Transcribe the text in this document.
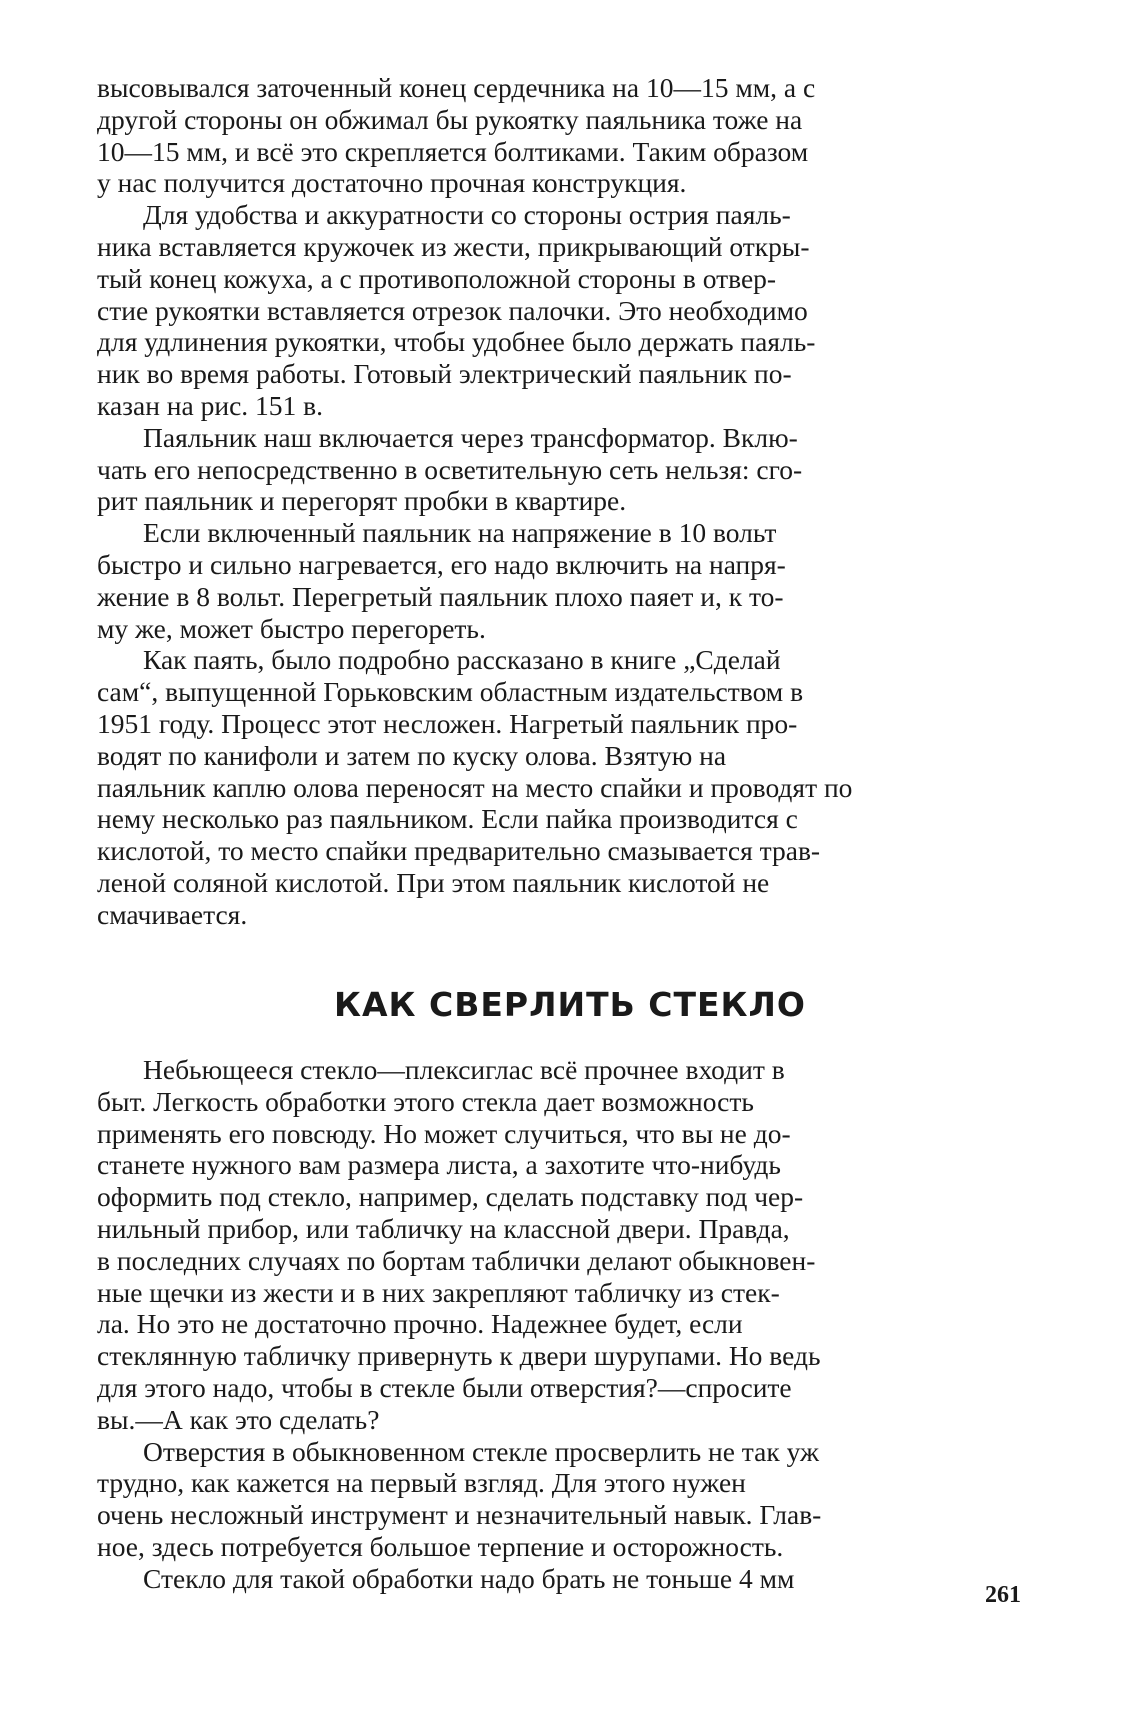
высовывался заточенный конец сердечника на 10—15 мм, а с
другой стороны он обжимал бы рукоятку паяльника тоже на
10—15 мм, и всё это скрепляется болтиками. Таким образом
у нас получится достаточно прочная конструкция.
Для удобства и аккуратности со стороны острия паяль-
ника вставляется кружочек из жести, прикрывающий откры-
тый конец кожуха, а с противоположной стороны в отвер-
стие рукоятки вставляется отрезок палочки. Это необходимо
для удлинения рукоятки, чтобы удобнее было держать паяль-
ник во время работы. Готовый электрический паяльник по-
казан на рис. 151 в.
Паяльник наш включается через трансформатор. Вклю-
чать его непосредственно в осветительную сеть нельзя: сго-
рит паяльник и перегорят пробки в квартире.
Если включенный паяльник на напряжение в 10 вольт
быстро и сильно нагревается, его надо включить на напря-
жение в 8 вольт. Перегретый паяльник плохо паяет и, к то-
му же, может быстро перегореть.
Как паять, было подробно рассказано в книге „Сделай
сам“, выпущенной Горьковским областным издательством в
1951 году. Процесс этот несложен. Нагретый паяльник про-
водят по канифоли и затем по куску олова. Взятую на
паяльник каплю олова переносят на место спайки и проводят по
нему несколько раз паяльником. Если пайка производится с
кислотой, то место спайки предварительно смазывается трав-
леной соляной кислотой. При этом паяльник кислотой не
смачивается.
КАК СВЕРЛИТЬ СТЕКЛО
Небьющееся стекло—плексиглас всё прочнее входит в
быт. Легкость обработки этого стекла дает возможность
применять его повсюду. Но может случиться, что вы не до-
станете нужного вам размера листа, а захотите что-нибудь
оформить под стекло, например, сделать подставку под чер-
нильный прибор, или табличку на классной двери. Правда,
в последних случаях по бортам таблички делают обыкновен-
ные щечки из жести и в них закрепляют табличку из стек-
ла. Но это не достаточно прочно. Надежнее будет, если
стеклянную табличку привернуть к двери шурупами. Но ведь
для этого надо, чтобы в стекле были отверстия?—спросите
вы.—А как это сделать?
Отверстия в обыкновенном стекле просверлить не так уж
трудно, как кажется на первый взгляд. Для этого нужен
очень несложный инструмент и незначительный навык. Глав-
ное, здесь потребуется большое терпение и осторожность.
Стекло для такой обработки надо брать не тоньше 4 мм
261
